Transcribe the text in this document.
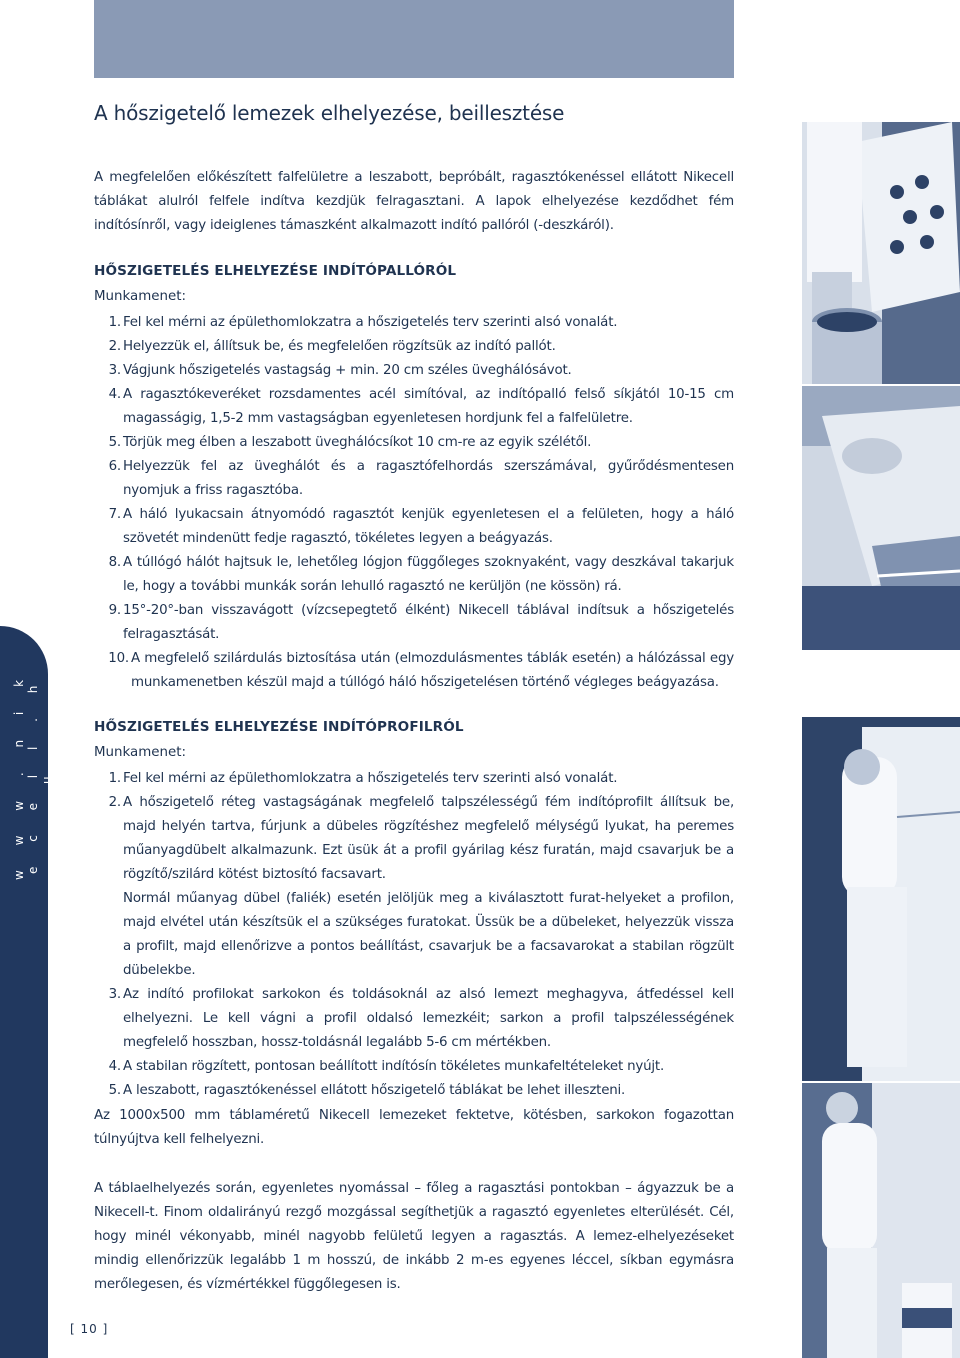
A hőszigetelő lemezek elhelyezése, beillesztése

A megfelelően előkészített falfelületre a leszabott, bepróbált, ragasztókenéssel ellátott Nikecell táblákat alulról felfele indítva kezdjük felragasztani. A lapok elhelyezése kezdődhet fém indítósínről, vagy ideiglenes támaszként alkalmazott indító pallóról (-deszkáról).

HŐSZIGETELÉS ELHELYEZÉSE INDÍTÓPALLÓRÓL
Munkamenet:
1. Fel kel mérni az épülethomlokzatra a hőszigetelés terv szerinti alsó vonalát.
2. Helyezzük el, állítsuk be, és megfelelően rögzítsük az indító pallót.
3. Vágjunk hőszigetelés vastagság + min. 20 cm széles üveghálósávot.
4. A ragasztókeveréket rozsdamentes acél simítóval, az indítópalló felső síkjától 10-15 cm magasságig, 1,5-2 mm vastagságban egyenletesen hordjunk fel a falfelületre.
5. Törjük meg élben a leszabott üveghálócsíkot 10 cm-re az egyik szélétől.
6. Helyezzük fel az üveghálót és a ragasztófelhordás szerszámával, gyűrődésmentesen nyomjuk a friss ragasztóba.
7. A háló lyukacsain átnyomódó ragasztót kenjük egyenletesen el a felületen, hogy a háló szövetét mindenütt fedje ragasztó, tökéletes legyen a beágyazás.
8. A túllógó hálót hajtsuk le, lehetőleg lógjon függőleges szoknyaként, vagy deszkával takarjuk le, hogy a további munkák során lehulló ragasztó ne kerüljön (ne kössön) rá.
9. 15°-20°-ban visszavágott (vízcsepegtető élként) Nikecell táblával indítsuk a hőszigetelés felragasztását.
10. A megfelelő szilárdulás biztosítása után (elmozdulásmentes táblák esetén) a hálózással egy munkamenetben készül majd a túllógó háló hőszigetelésen történő végleges beágyazása.
HŐSZIGETELÉS ELHELYEZÉSE INDÍTÓPROFILRÓL
Munkamenet:
1. Fel kel mérni az épülethomlokzatra a hőszigetelés terv szerinti alsó vonalát.
2. A hőszigetelő réteg vastagságának megfelelő talpszélességű fém indítóprofilt állítsuk be, majd helyén tartva, fúrjunk a dübeles rögzítéshez megfelelő mélységű lyukat, ha peremes műanyagdübelt alkalmazunk. Ezt üsük át a profil gyárilag kész furatán, majd csavarjuk be a rögzítő/szilárd kötést biztosító facsavart.
Normál műanyag dübel (faliék) esetén jelöljük meg a kiválasztott furat-helyeket a profilon, majd elvétel után készítsük el a szükséges furatokat. Üssük be a dübeleket, helyezzük vissza a profilt, majd ellenőrizve a pontos beállítást, csavarjuk be a facsavarokat a stabilan rögzült dübelekbe.
3. Az indító profilokat sarkokon és toldásoknál az alsó lemezt meghagyva, átfedéssel kell elhelyezni. Le kell vágni a profil oldalsó lemezkéit; sarkon a profil talpszélességének megfelelő hosszban, hossz-toldásnál legalább 5-6 cm mértékben.
4. A stabilan rögzített, pontosan beállított indítósín tökéletes munkafeltételeket nyújt.
5. A leszabott, ragasztókenéssel ellátott hőszigetelő táblákat be lehet illeszteni.

Az 1000x500 mm táblaméretű Nikecell lemezeket fektetve, kötésben, sarkokon fogazottan túlnyújtva kell felhelyezni.

A táblaelhelyezés során, egyenletes nyomással – főleg a ragasztási pontokban – ágyazzuk be a Nikecell-t. Finom oldalirányú rezgő mozgással segíthetjük a ragasztó egyenletes elterülését. Cél, hogy minél vékonyabb, minél nagyobb felületű legyen a ragasztás. A lemez-elhelyezéseket mindig ellenőrizzük legalább 1 m hosszú, de inkább 2 m-es egyenes léccel, síkban egymásra merőlegesen, és vízmértékkel függőlegesen is.

w w w . n i k e c e l l . h u
[ 10 ]
